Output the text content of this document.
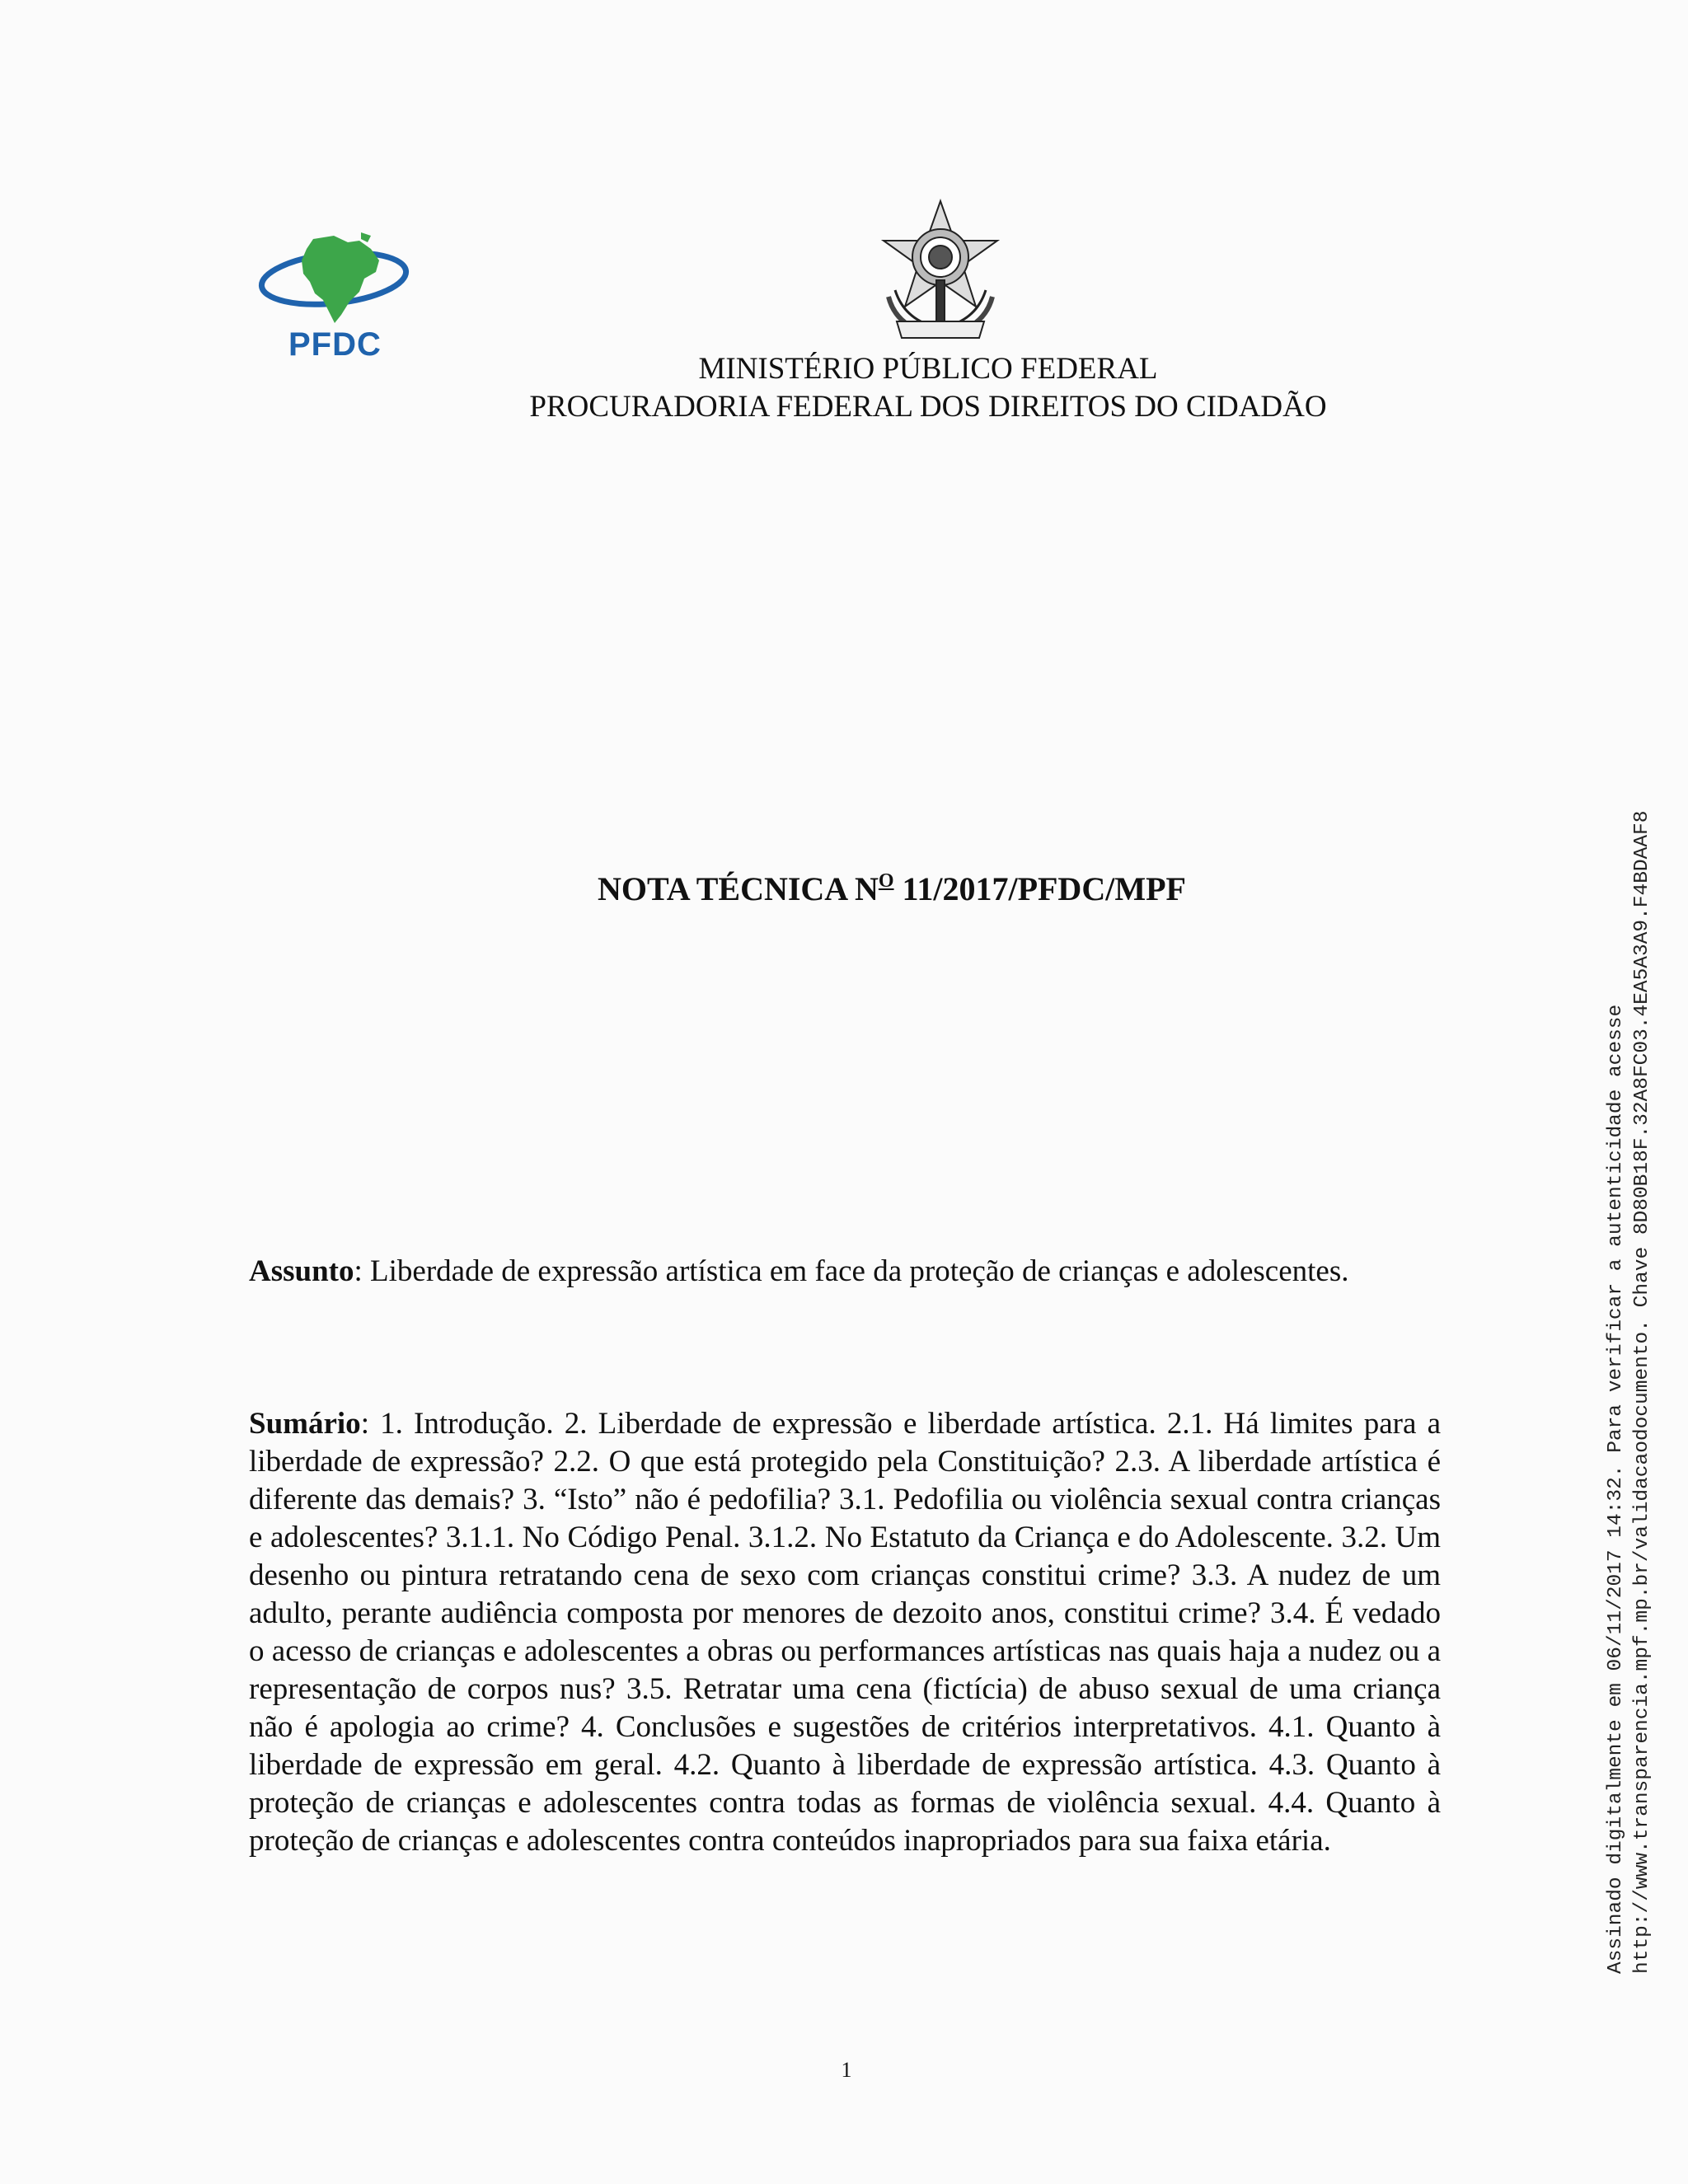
PFDC
MINISTÉRIO PÚBLICO FEDERAL
PROCURADORIA FEDERAL DOS DIREITOS DO CIDADÃO
NOTA TÉCNICA $N^O$ 11/2017/PFDC/MPF
Assunto: Liberdade de expressão artística em face da proteção de crianças e adolescentes.
Sumário: 1. Introdução. 2. Liberdade de expressão e liberdade artística. 2.1. Há limites para a liberdade de expressão? 2.2. O que está protegido pela Constituição? 2.3. A liberdade artística é diferente das demais? 3. “Isto” não é pedofilia? 3.1. Pedofilia ou violência sexual contra crianças e adolescentes? 3.1.1. No Código Penal. 3.1.2. No Estatuto da Criança e do Adolescente. 3.2. Um desenho ou pintura retratando cena de sexo com crianças constitui crime? 3.3. A nudez de um adulto, perante audiência composta por menores de dezoito anos, constitui crime? 3.4. É vedado o acesso de crianças e adolescentes a obras ou performances artísticas nas quais haja a nudez ou a representação de corpos nus? 3.5. Retratar uma cena (fictícia) de abuso sexual de uma criança não é apologia ao crime? 4. Conclusões e sugestões de critérios interpretativos. 4.1. Quanto à liberdade de expressão em geral. 4.2. Quanto à liberdade de expressão artística. 4.3. Quanto à proteção de crianças e adolescentes contra todas as formas de violência sexual. 4.4. Quanto à proteção de crianças e adolescentes contra conteúdos inapropriados para sua faixa etária.
1
Assinado digitalmente em 06/11/2017 14:32. Para verificar a autenticidade acesse http://www.transparencia.mpf.mp.br/validacaodocumento. Chave 8D80B18F.32A8FC03.4EA5A3A9.F4BDAAF8
